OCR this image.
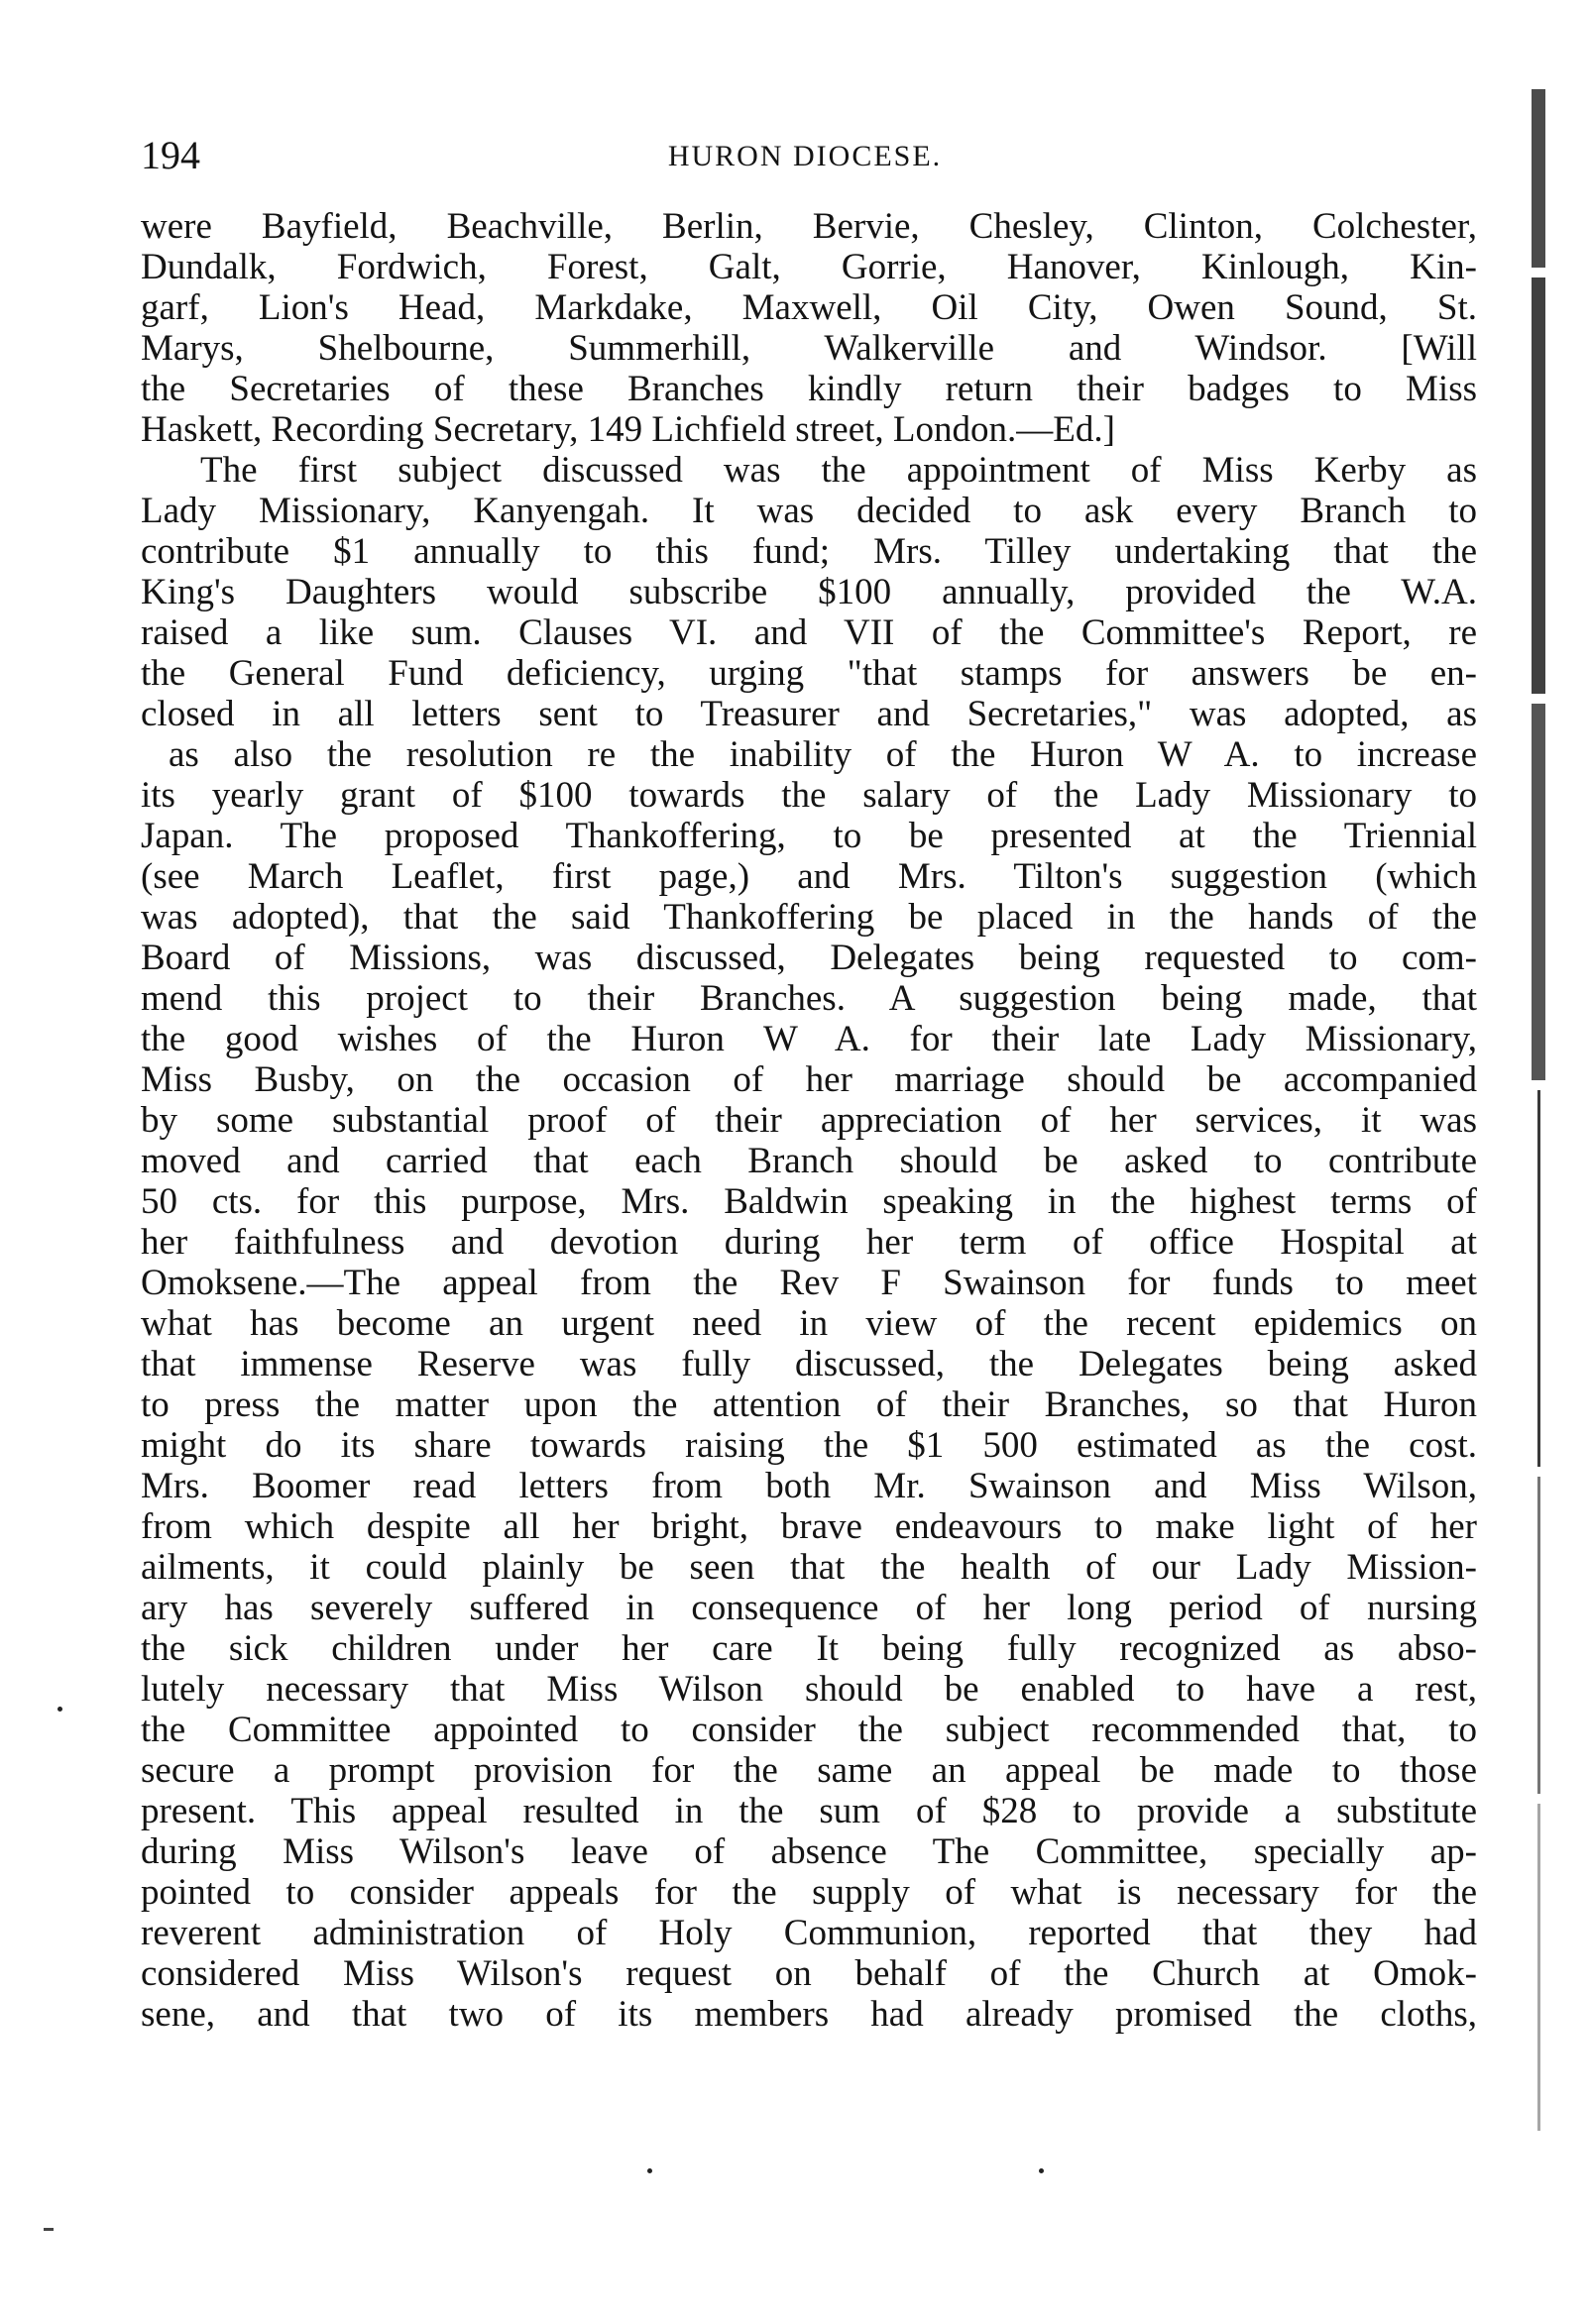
194	HURON DIOCESE.
were Bayfield, Beachville, Berlin, Bervie, Chesley, Clinton, Colchester,
Dundalk, Fordwich, Forest, Galt, Gorrie, Hanover, Kinlough, Kin-
garf, Lion's Head, Markdake, Maxwell, Oil City, Owen Sound, St.
Marys, Shelbourne, Summerhill, Walkerville and Windsor. [Will
the Secretaries of these Branches kindly return their badges to Miss
Haskett, Recording Secretary, 149 Lichfield street, London.—Ed.]
The first subject discussed was the appointment of Miss Kerby as
Lady Missionary, Kanyengah. It was decided to ask every Branch to
contribute $1 annually to this fund; Mrs. Tilley undertaking that the
King's Daughters would subscribe $100 annually, provided the W.A.
raised a like sum. Clauses VI. and VII of the Committee's Report, re
the General Fund deficiency, urging "that stamps for answers be en-
closed in all letters sent to Treasurer and Secretaries," was adopted, as
as also the resolution re the inability of the Huron W A. to increase
its yearly grant of $100 towards the salary of the Lady Missionary to
Japan. The proposed Thankoffering, to be presented at the Triennial
(see March Leaflet, first page,) and Mrs. Tilton's suggestion (which
was adopted), that the said Thankoffering be placed in the hands of the
Board of Missions, was discussed, Delegates being requested to com-
mend this project to their Branches. A suggestion being made, that
the good wishes of the Huron W A. for their late Lady Missionary,
Miss Busby, on the occasion of her marriage should be accompanied
by some substantial proof of their appreciation of her services, it was
moved and carried that each Branch should be asked to contribute
50 cts. for this purpose, Mrs. Baldwin speaking in the highest terms of
her faithfulness and devotion during her term of office Hospital at
Omoksene.—The appeal from the Rev F Swainson for funds to meet
what has become an urgent need in view of the recent epidemics on
that immense Reserve was fully discussed, the Delegates being asked
to press the matter upon the attention of their Branches, so that Huron
might do its share towards raising the $1 500 estimated as the cost.
Mrs. Boomer read letters from both Mr. Swainson and Miss Wilson,
from which despite all her bright, brave endeavours to make light of her
ailments, it could plainly be seen that the health of our Lady Mission-
ary has severely suffered in consequence of her long period of nursing
the sick children under her care It being fully recognized as abso-
lutely necessary that Miss Wilson should be enabled to have a rest,
the Committee appointed to consider the subject recommended that, to
secure a prompt provision for the same an appeal be made to those
present. This appeal resulted in the sum of $28 to provide a substitute
during Miss Wilson's leave of absence The Committee, specially ap-
pointed to consider appeals for the supply of what is necessary for the
reverent administration of Holy Communion, reported that they had
considered Miss Wilson's request on behalf of the Church at Omok-
sene, and that two of its members had already promised the cloths,
